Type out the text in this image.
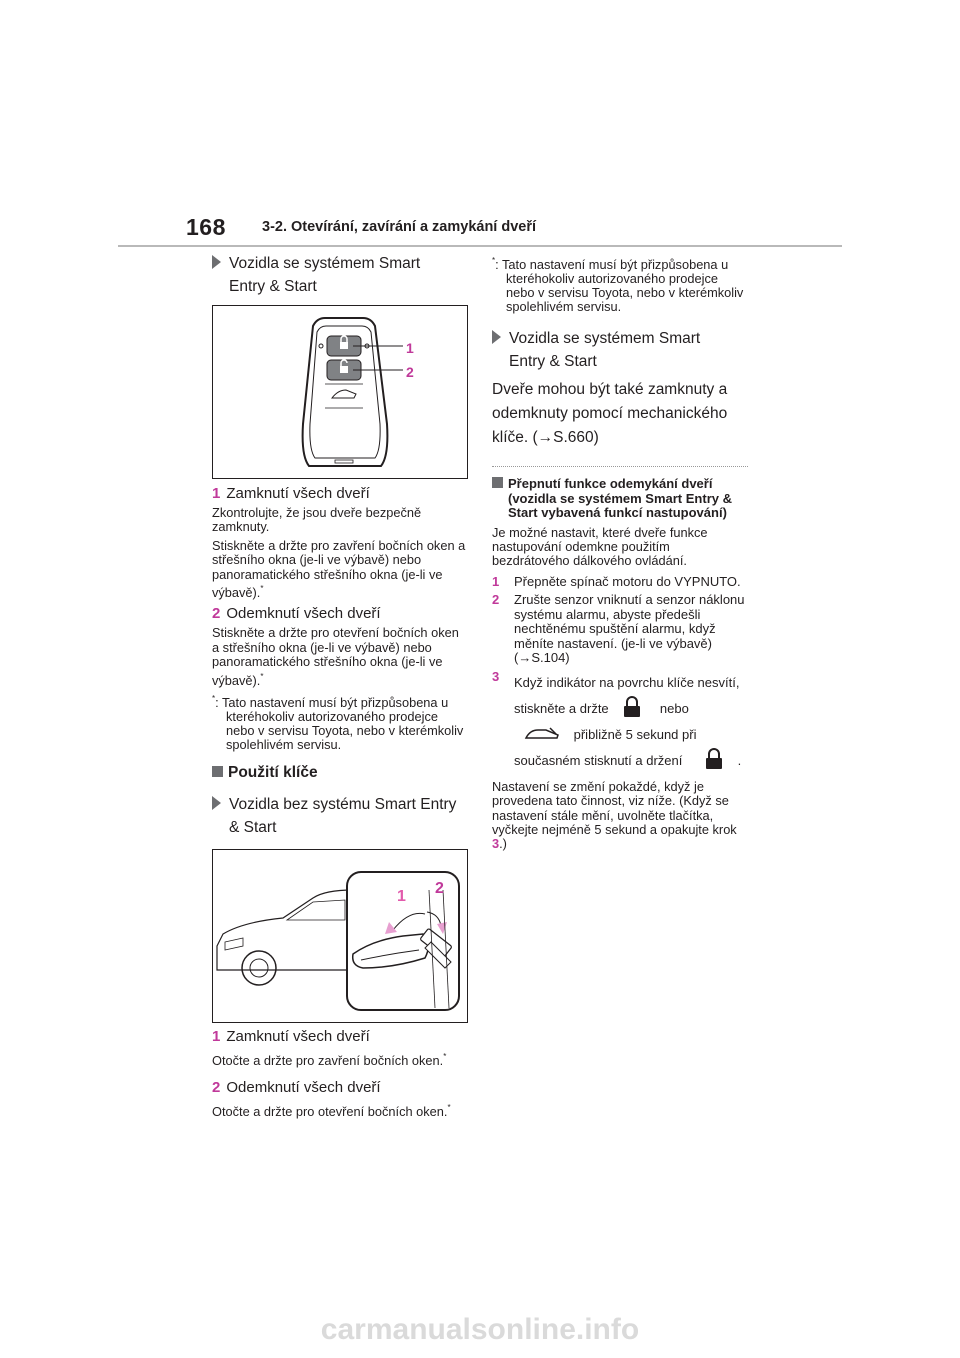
168 3-2. Otevírání, zavírání a zamykání dveří
Vozidla se systémem Smart
Entry & Start
1
2
1 Zamknutí všech dveří

Zkontrolujte, že jsou dveře bezpečně zamknuty.

Stiskněte a držte pro zavření bočních oken a střešního okna (je-li ve výbavě) nebo panoramatického střešního okna (je-li ve výbavě).*

2 Odemknutí všech dveří

Stiskněte a držte pro otevření bočních oken a střešního okna (je-li ve výbavě) nebo panoramatického střešního okna (je-li ve výbavě).*

*: Tato nastavení musí být přizpůsobena u kteréhokoliv autorizovaného prodejce nebo v servisu Toyota, nebo v kterémkoliv spolehlivém servisu.
Použití klíče
Vozidla bez systému Smart Entry
& Start
1 2
1 Zamknutí všech dveří
Otočte a držte pro zavření bočních oken.*
2 Odemknutí všech dveří
Otočte a držte pro otevření bočních oken.*
*: Tato nastavení musí být přizpůsobena u kteréhokoliv autorizovaného prodejce nebo v servisu Toyota, nebo v kterémkoliv spolehlivém servisu.
Vozidla se systémem Smart
Entry & Start
Dveře mohou být také zamknuty a odemknuty pomocí mechanického klíče. (→S.660)
Přepnutí funkce odemykání dveří (vozidla se systémem Smart Entry & Start vybavená funkcí nastupování)
Je možné nastavit, které dveře funkce nastupování odemkne použitím bezdrátového dálkového ovládání.
1 Přepněte spínač motoru do VYPNUTO.
2 Zrušte senzor vniknutí a senzor náklonu systému alarmu, abyste předešli nechtěnému spuštění alarmu, když měníte nastavení. (je-li ve výbavě) (→S.104)
3 Když indikátor na povrchu klíče nesvítí, stiskněte a držte	nebo
přibližně 5 sekund při současném stisknutí a držení	.
Nastavení se změní pokaždé, když je provedena tato činnost, viz níže. (Když se nastavení stále mění, uvolněte tlačítka, vyčkejte nejméně 5 sekund a opakujte krok 3.)
carmanualsonline.info
